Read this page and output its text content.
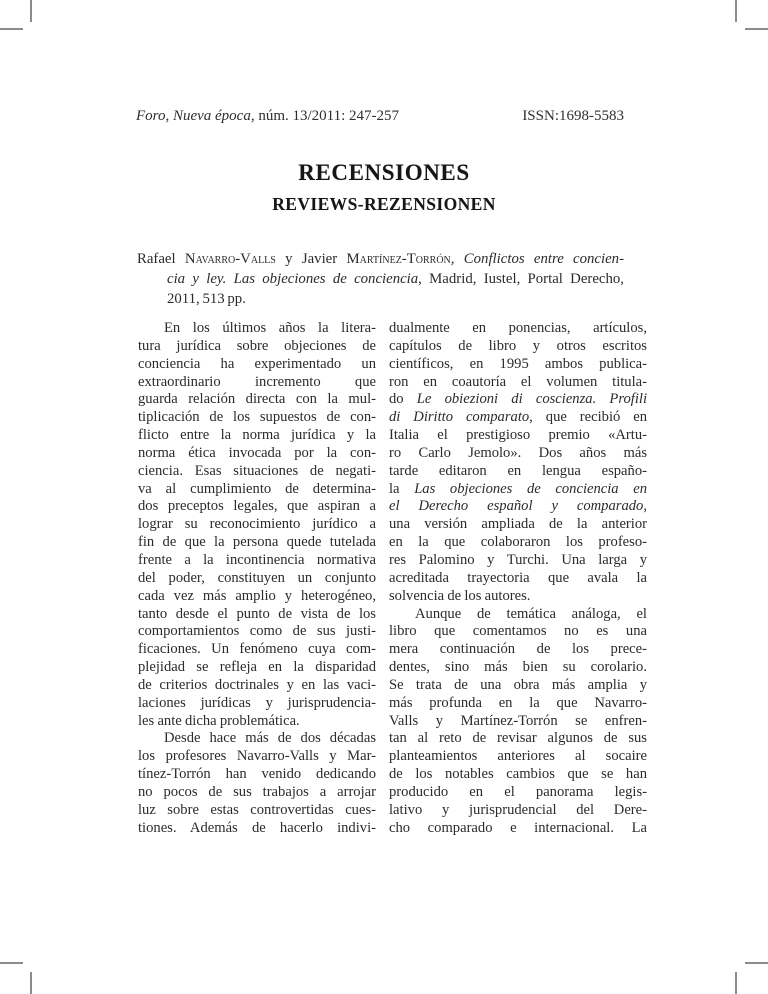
Foro, Nueva época, núm. 13/2011: 247-257	ISSN:1698-5583
RECENSIONES
REVIEWS-REZENSIONEN
Rafael Navarro-Valls y Javier Martínez-Torrón, Conflictos entre concien-
cia y ley. Las objeciones de conciencia, Madrid, Iustel, Portal Derecho,
2011, 513 pp.
En los últimos años la litera-
tura jurídica sobre objeciones de
conciencia ha experimentado un
extraordinario incremento que
guarda relación directa con la mul-
tiplicación de los supuestos de con-
flicto entre la norma jurídica y la
norma ética invocada por la con-
ciencia. Esas situaciones de negati-
va al cumplimiento de determina-
dos preceptos legales, que aspiran a
lograr su reconocimiento jurídico a
fin de que la persona quede tutelada
frente a la incontinencia normativa
del poder, constituyen un conjunto
cada vez más amplio y heterogéneo,
tanto desde el punto de vista de los
comportamientos como de sus justi-
ficaciones. Un fenómeno cuya com-
plejidad se refleja en la disparidad
de criterios doctrinales y en las vaci-
laciones jurídicas y jurisprudencia-
les ante dicha problemática.
Desde hace más de dos décadas
los profesores Navarro-Valls y Mar-
tínez-Torrón han venido dedicando
no pocos de sus trabajos a arrojar
luz sobre estas controvertidas cues-
tiones. Además de hacerlo indivi-
dualmente en ponencias, artículos,
capítulos de libro y otros escritos
científicos, en 1995 ambos publica-
ron en coautoría el volumen titula-
do Le obiezioni di coscienza. Profili
di Diritto comparato, que recibió en
Italia el prestigioso premio «Artu-
ro Carlo Jemolo». Dos años más
tarde editaron en lengua españo-
la Las objeciones de conciencia en
el Derecho español y comparado,
una versión ampliada de la anterior
en la que colaboraron los profeso-
res Palomino y Turchi. Una larga y
acreditada trayectoria que avala la
solvencia de los autores.
Aunque de temática análoga, el
libro que comentamos no es una
mera continuación de los prece-
dentes, sino más bien su corolario.
Se trata de una obra más amplia y
más profunda en la que Navarro-
Valls y Martínez-Torrón se enfren-
tan al reto de revisar algunos de sus
planteamientos anteriores al socaire
de los notables cambios que se han
producido en el panorama legis-
lativo y jurisprudencial del Dere-
cho comparado e internacional. La
